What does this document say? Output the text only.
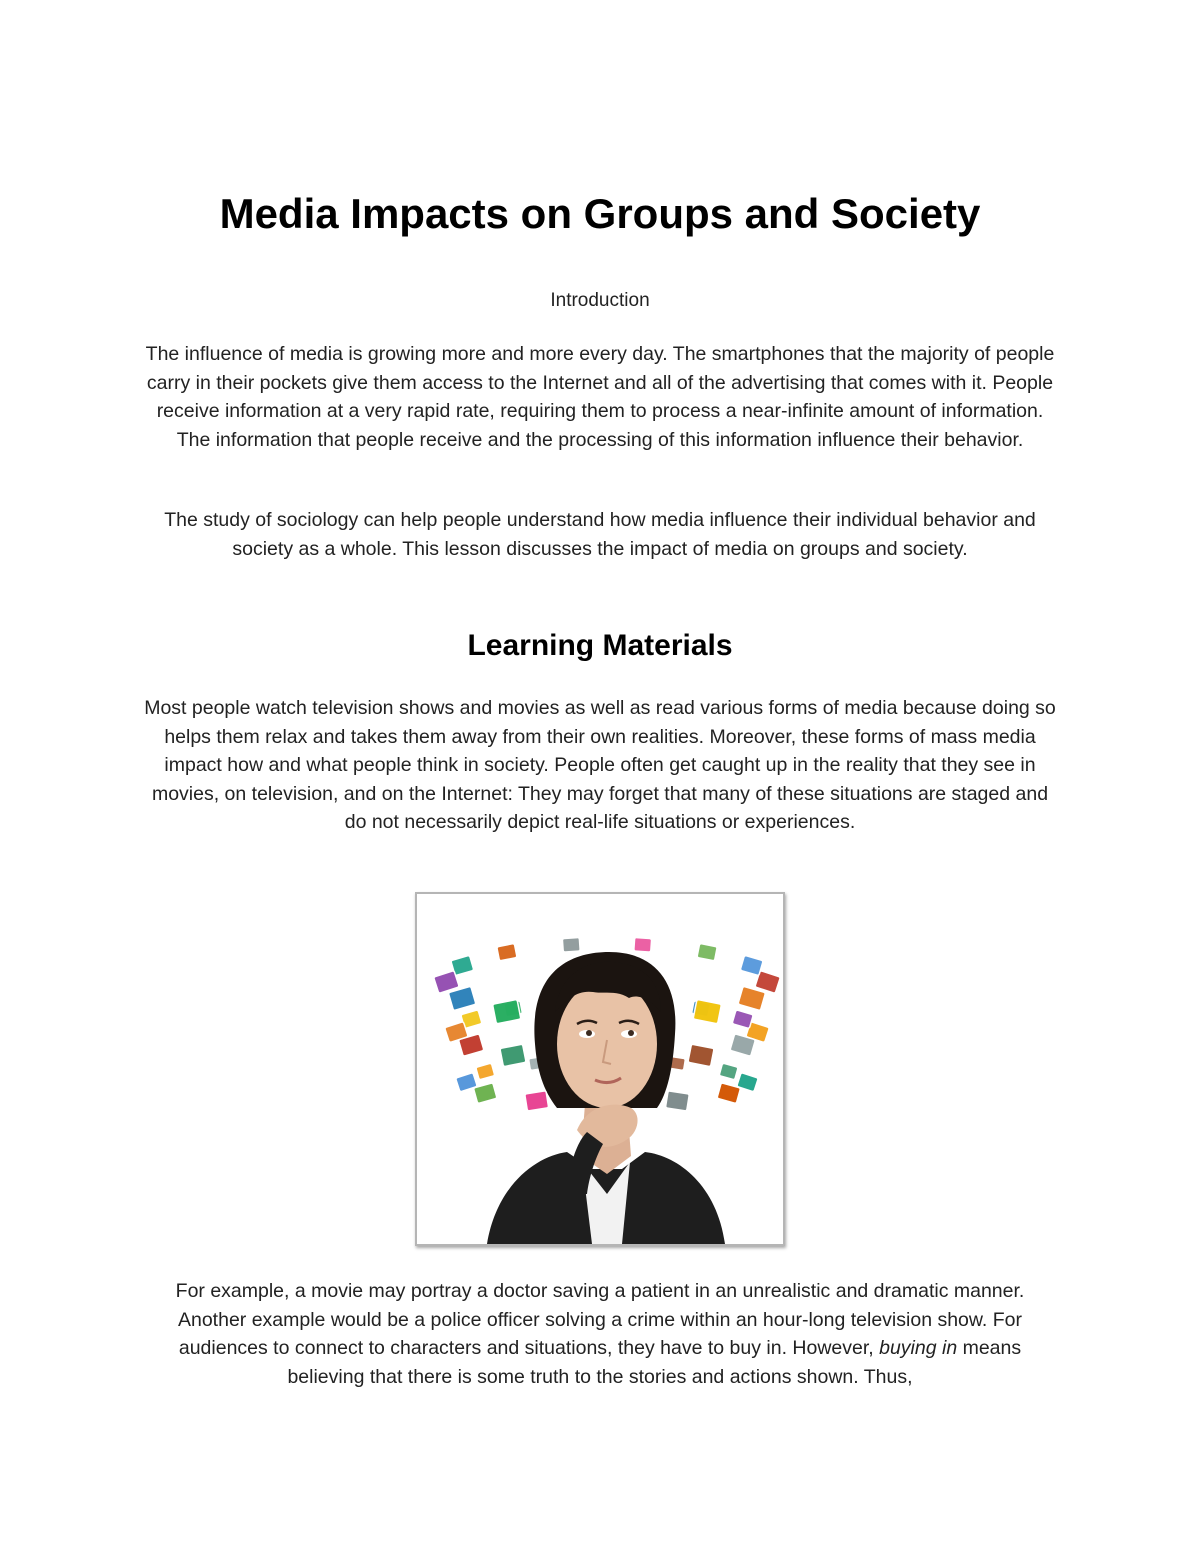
Media Impacts on Groups and Society

Introduction

The influence of media is growing more and more every day. The smartphones that the majority of people carry in their pockets give them access to the Internet and all of the advertising that comes with it. People receive information at a very rapid rate, requiring them to process a near-infinite amount of information. The information that people receive and the processing of this information influence their behavior.

The study of sociology can help people understand how media influence their individual behavior and society as a whole. This lesson discusses the impact of media on groups and society.

Learning Materials

Most people watch television shows and movies as well as read various forms of media because doing so helps them relax and takes them away from their own realities. Moreover, these forms of mass media impact how and what people think in society. People often get caught up in the reality that they see in movies, on television, and on the Internet: They may forget that many of these situations are staged and do not necessarily depict real-life situations or experiences.

For example, a movie may portray a doctor saving a patient in an unrealistic and dramatic manner. Another example would be a police officer solving a crime within an hour-long television show. For audiences to connect to characters and situations, they have to buy in. However, buying in means believing that there is some truth to the stories and actions shown. Thus,
